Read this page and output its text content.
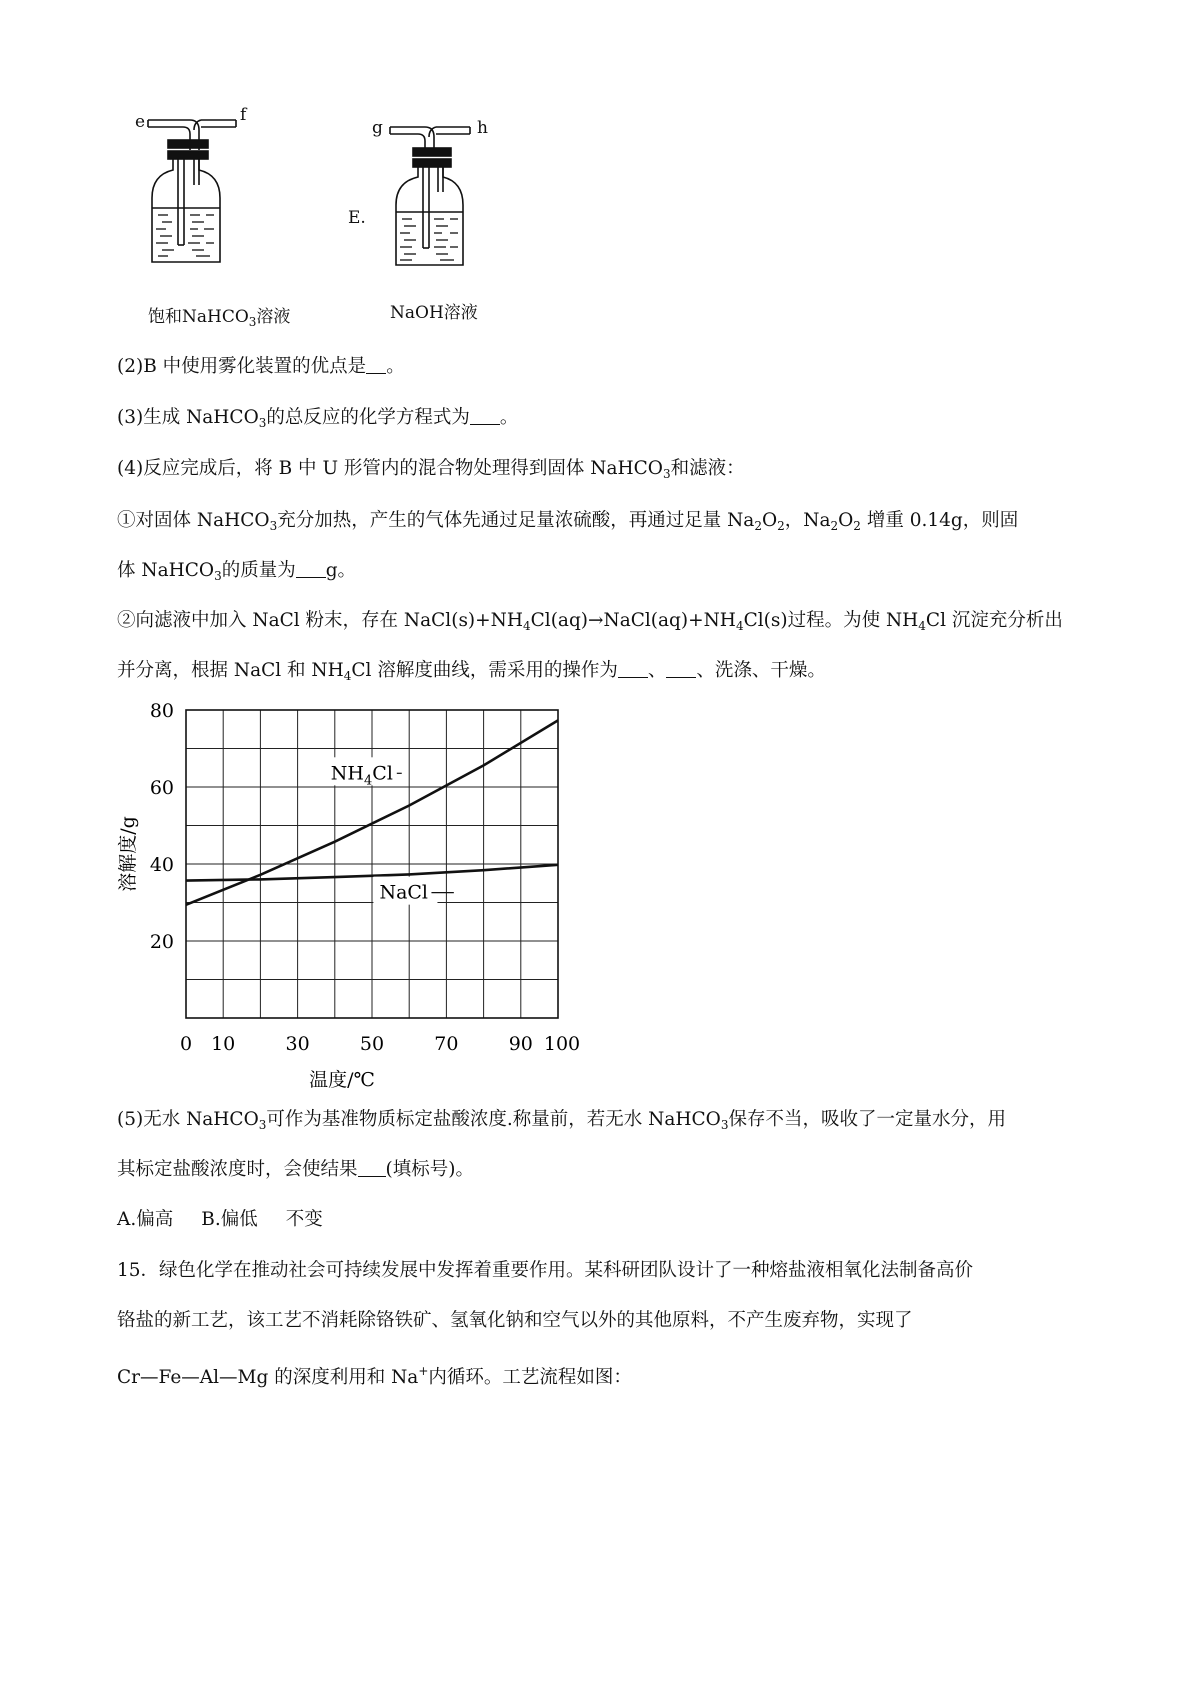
e	f
饱和NaHCO$_3$溶液
E.
g	h
NaOH溶液
(2)B 中使用雾化装置的优点是 。
(3)生成 NaHCO$_3$的总反应的化学方程式为 。
(4)反应完成后，将 B 中 U 形管内的混合物处理得到固体 NaHCO$_3$和滤液：
①对固体 NaHCO$_3$充分加热，产生的气体先通过足量浓硫酸，再通过足量 $Na_2O_2$，$Na_2O_2$ 增重 0.14g，则固
体 NaHCO$_3$的质量为 g。
②向滤液中加入 NaCl 粉末，存在 $NaCl(s)+NH_4Cl(aq)\to NaCl(aq)+NH_4Cl(s)$过程。为使 $NH_4Cl$ 沉淀充分析出
并分离，根据 NaCl 和 $NH_4Cl$ 溶解度曲线，需采用的操作为 、 、洗涤、干燥。
20
40
60
80
0 10	30	50	70	90 100
温度/℃
溶解度/g
$NH_4Cl$
NaCl
(5)无水 NaHCO$_3$可作为基准物质标定盐酸浓度.称量前，若无水 NaHCO$_3$保存不当，吸收了一定量水分，用
其标定盐酸浓度时，会使结果 (填标号)。
A.偏高 B.偏低 不变
15．绿色化学在推动社会可持续发展中发挥着重要作用。某科研团队设计了一种熔盐液相氧化法制备高价
铬盐的新工艺，该工艺不消耗除铬铁矿、氢氧化钠和空气以外的其他原料，不产生废弃物，实现了
Cr—Fe—Al—Mg 的深度利用和 Na+内循环。工艺流程如图：
